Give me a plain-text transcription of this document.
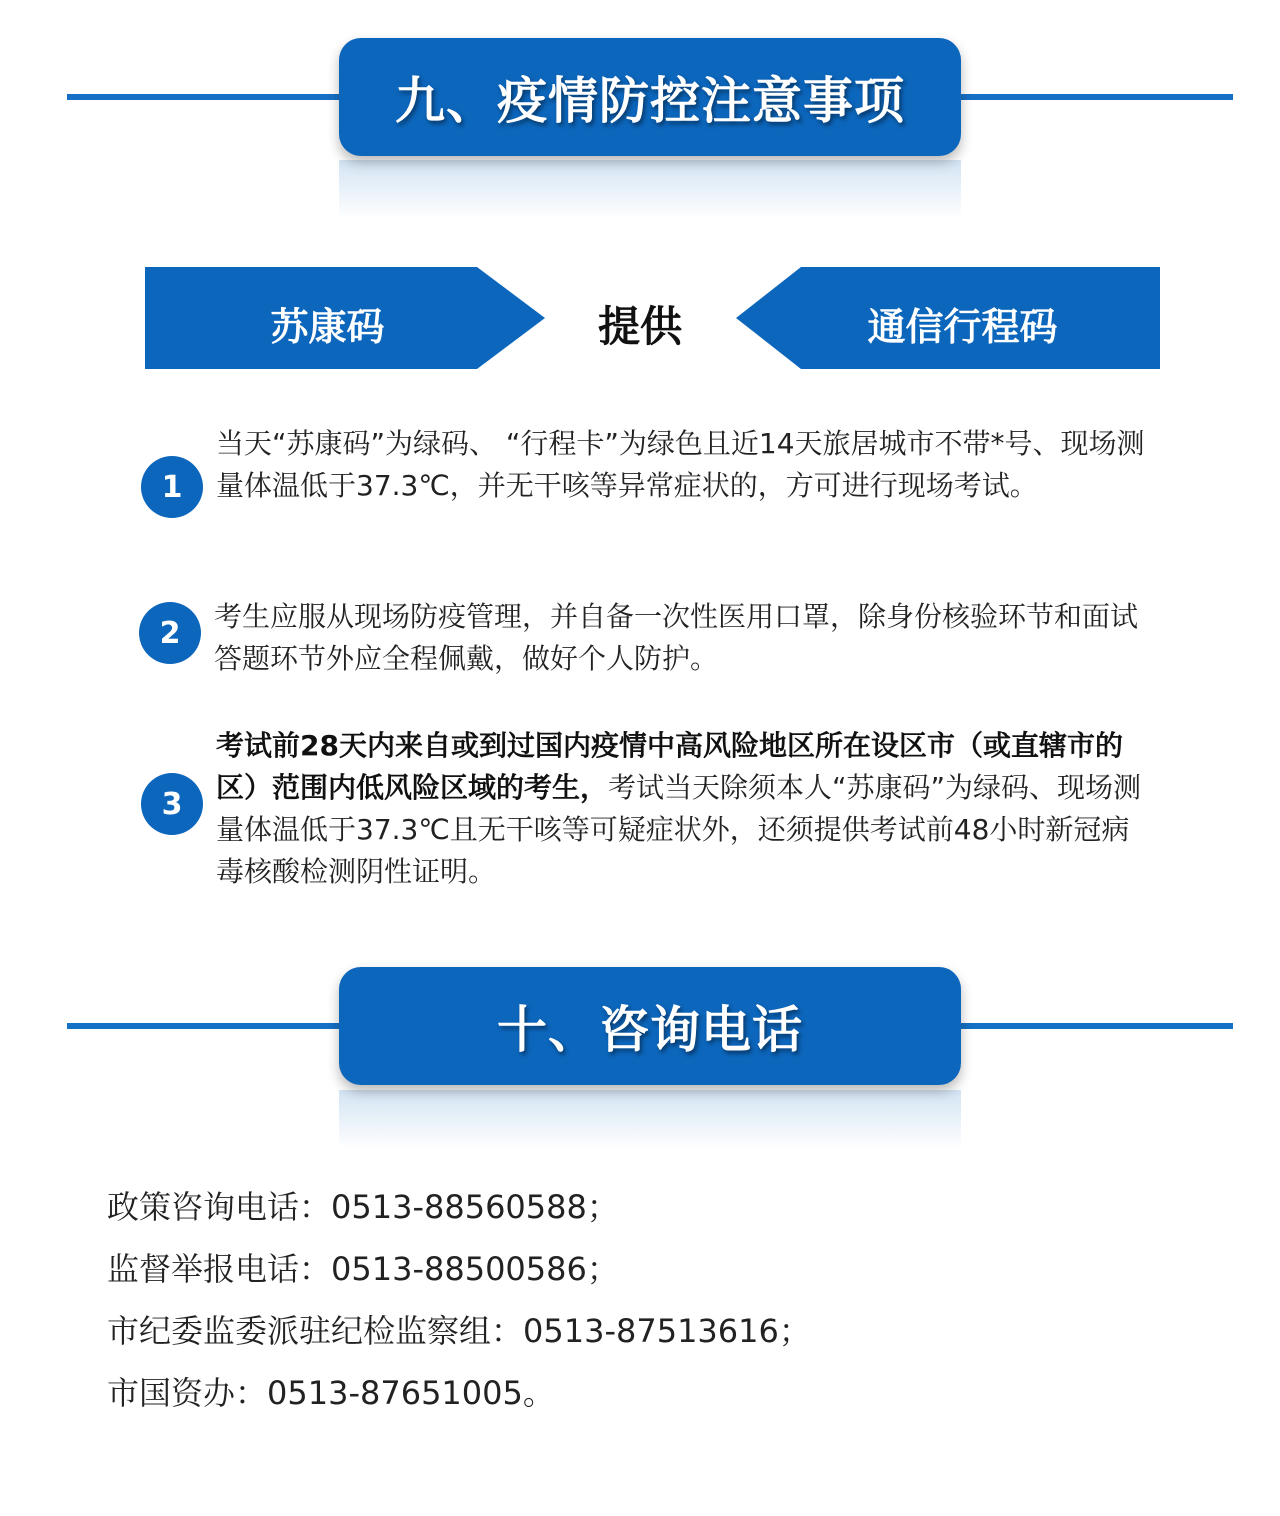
九、疫情防控注意事项
苏康码	提供	通信行程码
1
当天“苏康码”为绿码、 “行程卡”为绿色且近14天旅居城市不带*号、现场测量体温低于37.3℃，并无干咳等异常症状的，方可进行现场考试。
2	考生应服从现场防疫管理，并自备一次性医用口罩，除身份核验环节和面试答题环节外应全程佩戴，做好个人防护。
3
考试前28天内来自或到过国内疫情中高风险地区所在设区市（或直辖市的区）范围内低风险区域的考生，考试当天除须本人“苏康码”为绿码、现场测量体温低于37.3℃且无干咳等可疑症状外，还须提供考试前48小时新冠病毒核酸检测阴性证明。
十、咨询电话
政策咨询电话：0513-88560588；
监督举报电话：0513-88500586；
市纪委监委派驻纪检监察组：0513-87513616；
市国资办：0513-87651005。
